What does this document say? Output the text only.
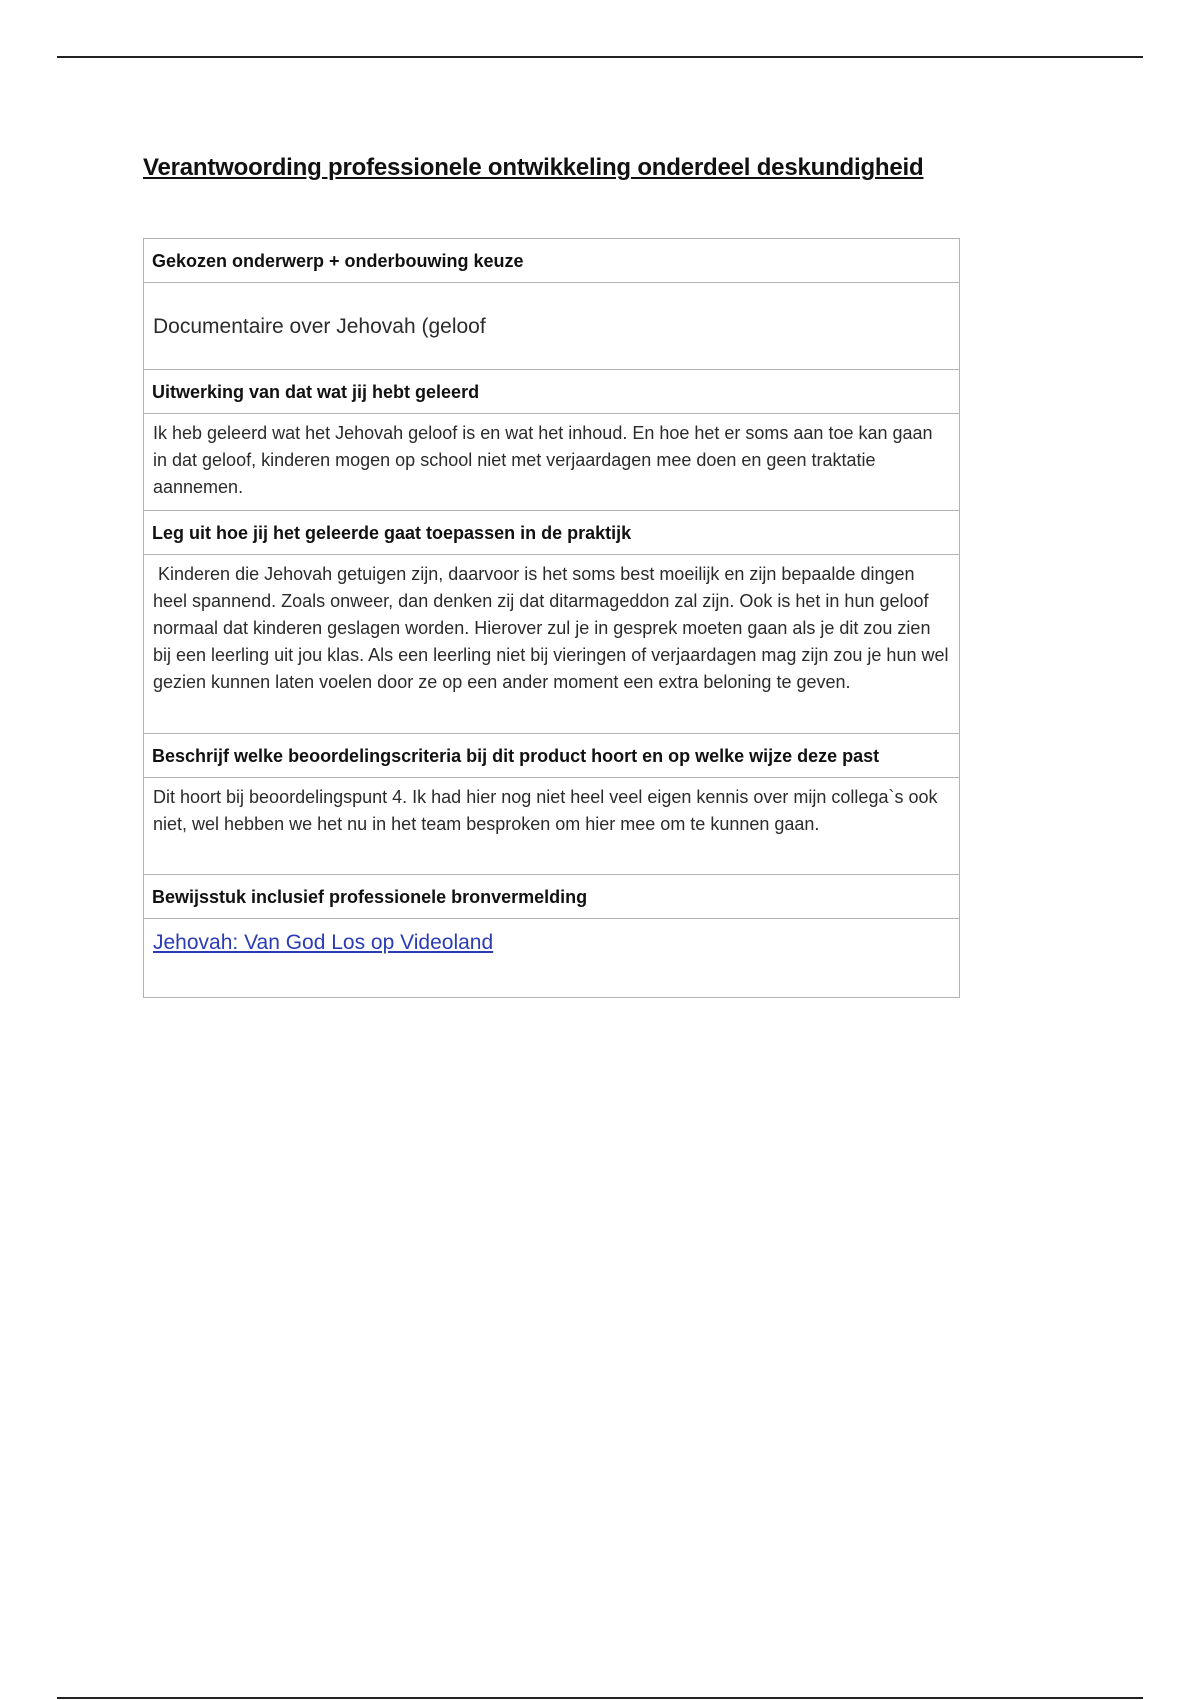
Verantwoording professionele ontwikkeling onderdeel deskundigheid
Gekozen onderwerp + onderbouwing keuze
Documentaire over Jehovah (geloof
Uitwerking van dat wat jij hebt geleerd
Ik heb geleerd wat het Jehovah geloof is en wat het inhoud. En hoe het er soms aan toe kan gaan in dat geloof, kinderen mogen op school niet met verjaardagen mee doen en geen traktatie aannemen.
Leg uit hoe jij het geleerde gaat toepassen in de praktijk
Kinderen die Jehovah getuigen zijn, daarvoor is het soms best moeilijk en zijn bepaalde dingen heel spannend. Zoals onweer, dan denken zij dat ditarmageddon zal zijn. Ook is het in hun geloof normaal dat kinderen geslagen worden. Hierover zul je in gesprek moeten gaan als je dit zou zien bij een leerling uit jou klas. Als een leerling niet bij vieringen of verjaardagen mag zijn zou je hun wel gezien kunnen laten voelen door ze op een ander moment een extra beloning te geven.
Beschrijf welke beoordelingscriteria bij dit product hoort en op welke wijze deze past
Dit hoort bij beoordelingspunt 4. Ik had hier nog niet heel veel eigen kennis over mijn collega`s ook niet, wel hebben we het nu in het team besproken om hier mee om te kunnen gaan.
Bewijsstuk inclusief professionele bronvermelding
Jehovah: Van God Los op Videoland
